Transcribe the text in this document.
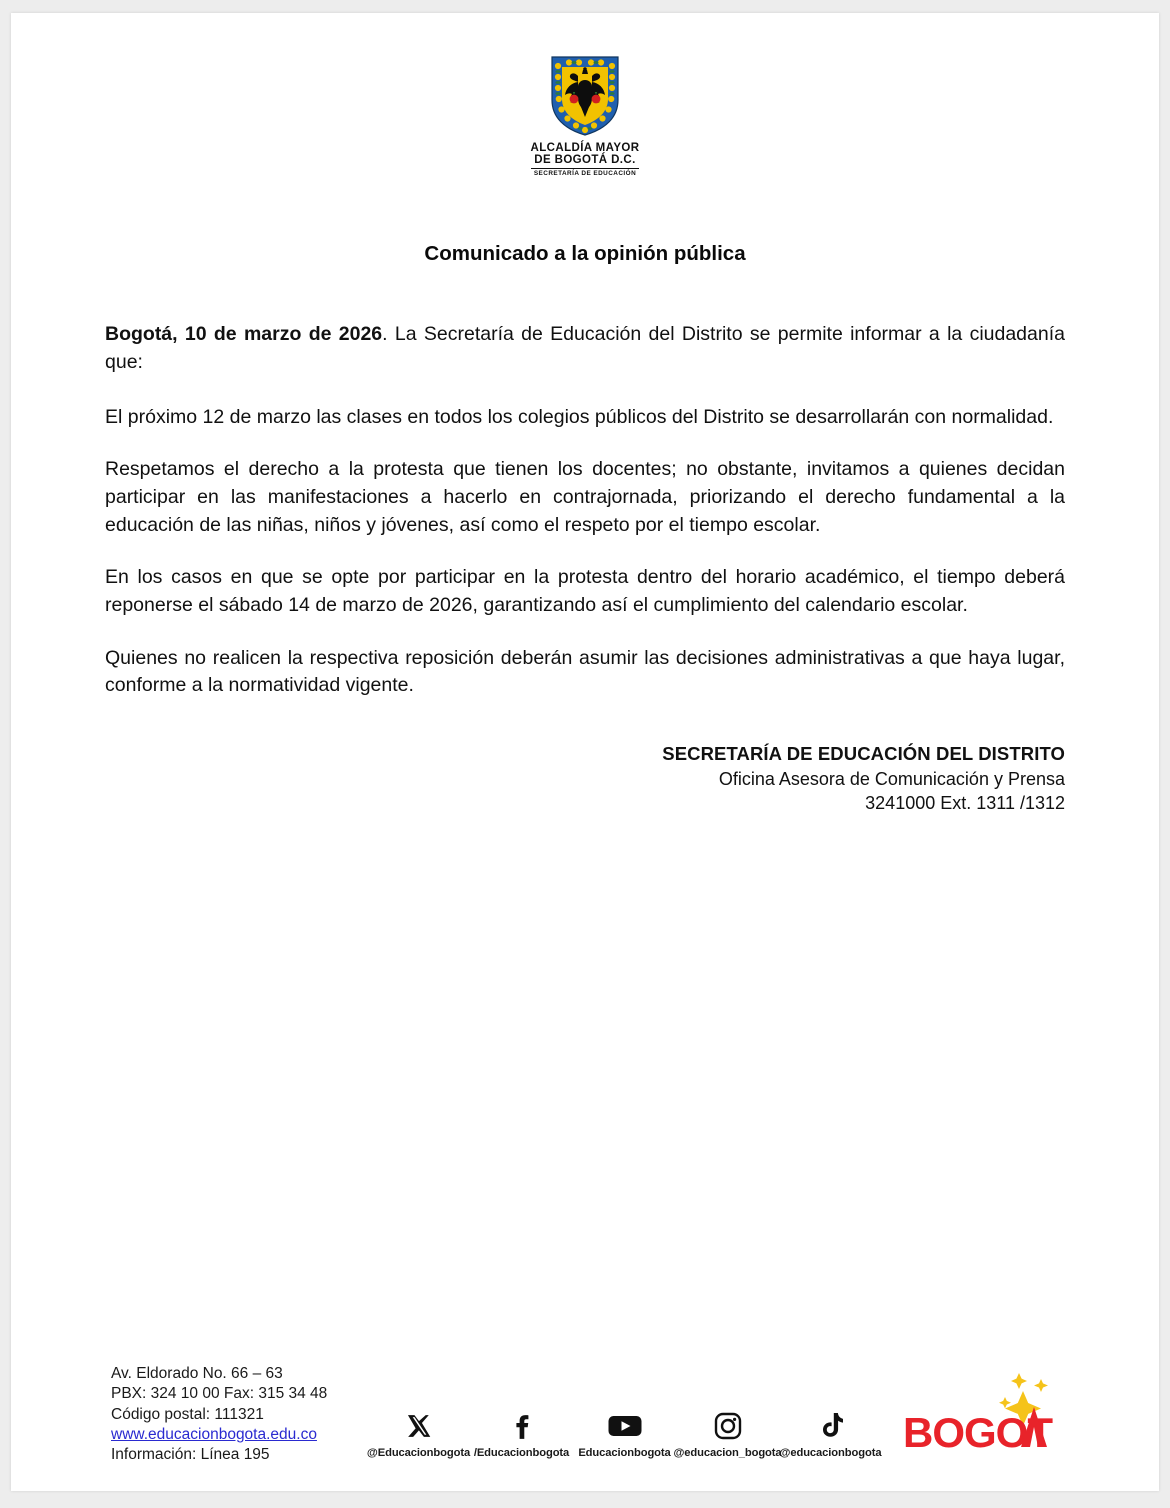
ALCALDÍA MAYOR
DE BOGOTÁ D.C.
SECRETARÍA DE EDUCACIÓN
Comunicado a la opinión pública

Bogotá, 10 de marzo de 2026. La Secretaría de Educación del Distrito se permite informar a la ciudadanía que:

El próximo 12 de marzo las clases en todos los colegios públicos del Distrito se desarrollarán con normalidad.

Respetamos el derecho a la protesta que tienen los docentes; no obstante, invitamos a quienes decidan participar en las manifestaciones a hacerlo en contrajornada, priorizando el derecho fundamental a la educación de las niñas, niños y jóvenes, así como el respeto por el tiempo escolar.

En los casos en que se opte por participar en la protesta dentro del horario académico, el tiempo deberá reponerse el sábado 14 de marzo de 2026, garantizando así el cumplimiento del calendario escolar.

Quienes no realicen la respectiva reposición deberán asumir las decisiones administrativas a que haya lugar, conforme a la normatividad vigente.

SECRETARÍA DE EDUCACIÓN DEL DISTRITO
Oficina Asesora de Comunicación y Prensa
3241000 Ext. 1311 /1312
Av. Eldorado No. 66 – 63
PBX: 324 10 00 Fax: 315 34 48
Código postal: 111321
www.educacionbogota.edu.co
Información: Línea 195	@Educacionbogota /Educacionbogota Educacionbogota @educacion_bogota
@educacionbogota BOGOT
